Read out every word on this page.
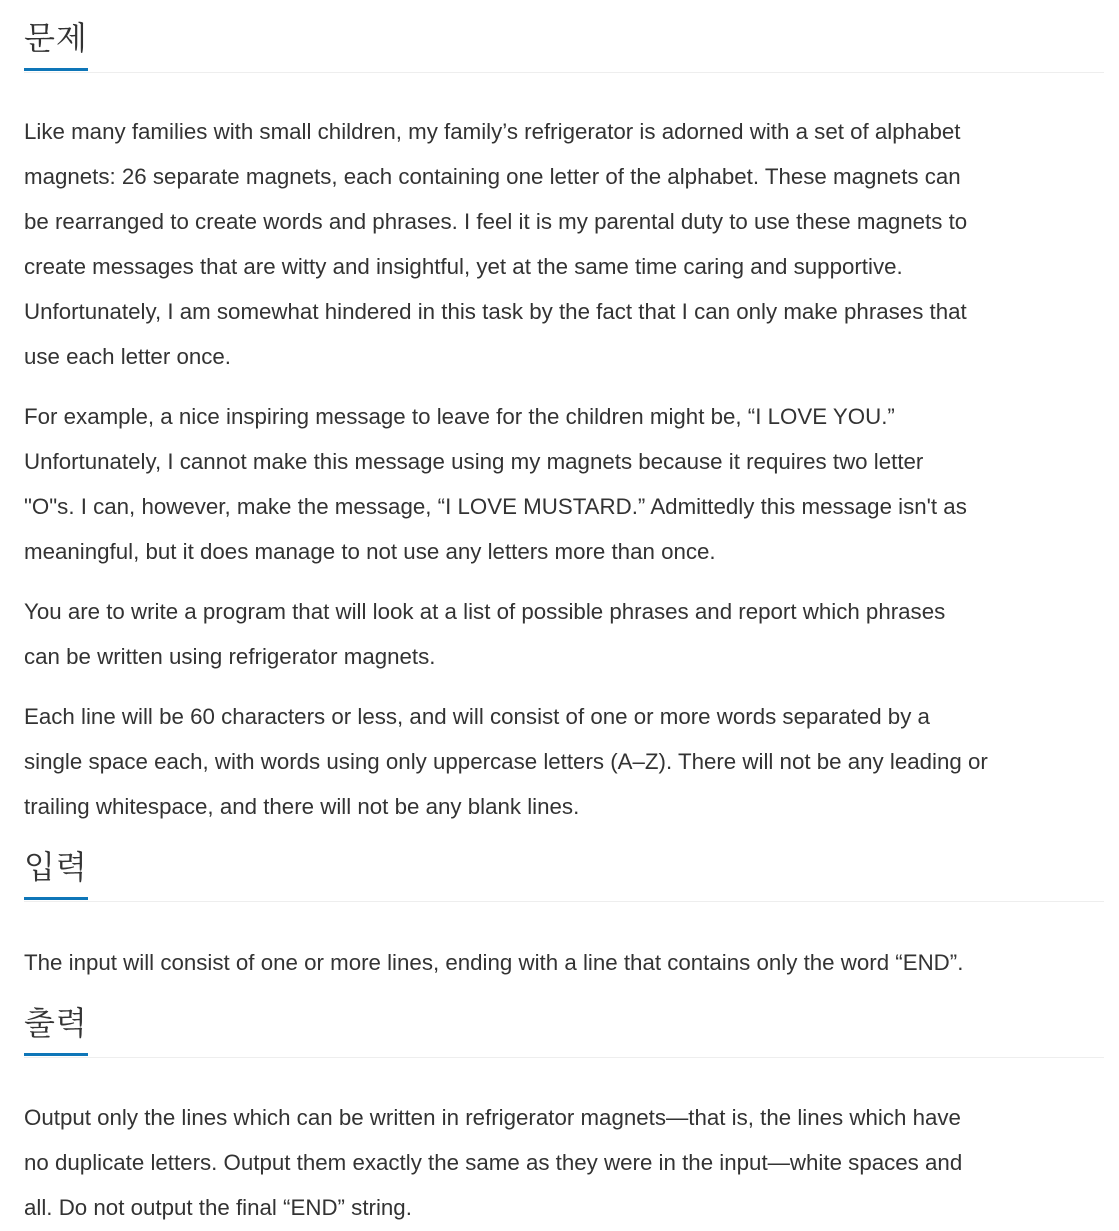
문제

Like many families with small children, my family’s refrigerator is adorned with a set of alphabet
magnets: 26 separate magnets, each containing one letter of the alphabet. These magnets can
be rearranged to create words and phrases. I feel it is my parental duty to use these magnets to
create messages that are witty and insightful, yet at the same time caring and supportive.
Unfortunately, I am somewhat hindered in this task by the fact that I can only make phrases that
use each letter once.

For example, a nice inspiring message to leave for the children might be, “I LOVE YOU.”
Unfortunately, I cannot make this message using my magnets because it requires two letter
"O"s. I can, however, make the message, “I LOVE MUSTARD.” Admittedly this message isn't as
meaningful, but it does manage to not use any letters more than once.

You are to write a program that will look at a list of possible phrases and report which phrases
can be written using refrigerator magnets.

Each line will be 60 characters or less, and will consist of one or more words separated by a
single space each, with words using only uppercase letters (A–Z). There will not be any leading or
trailing whitespace, and there will not be any blank lines.

입력

The input will consist of one or more lines, ending with a line that contains only the word “END”.

출력

Output only the lines which can be written in refrigerator magnets—that is, the lines which have
no duplicate letters. Output them exactly the same as they were in the input—white spaces and
all. Do not output the final “END” string.
